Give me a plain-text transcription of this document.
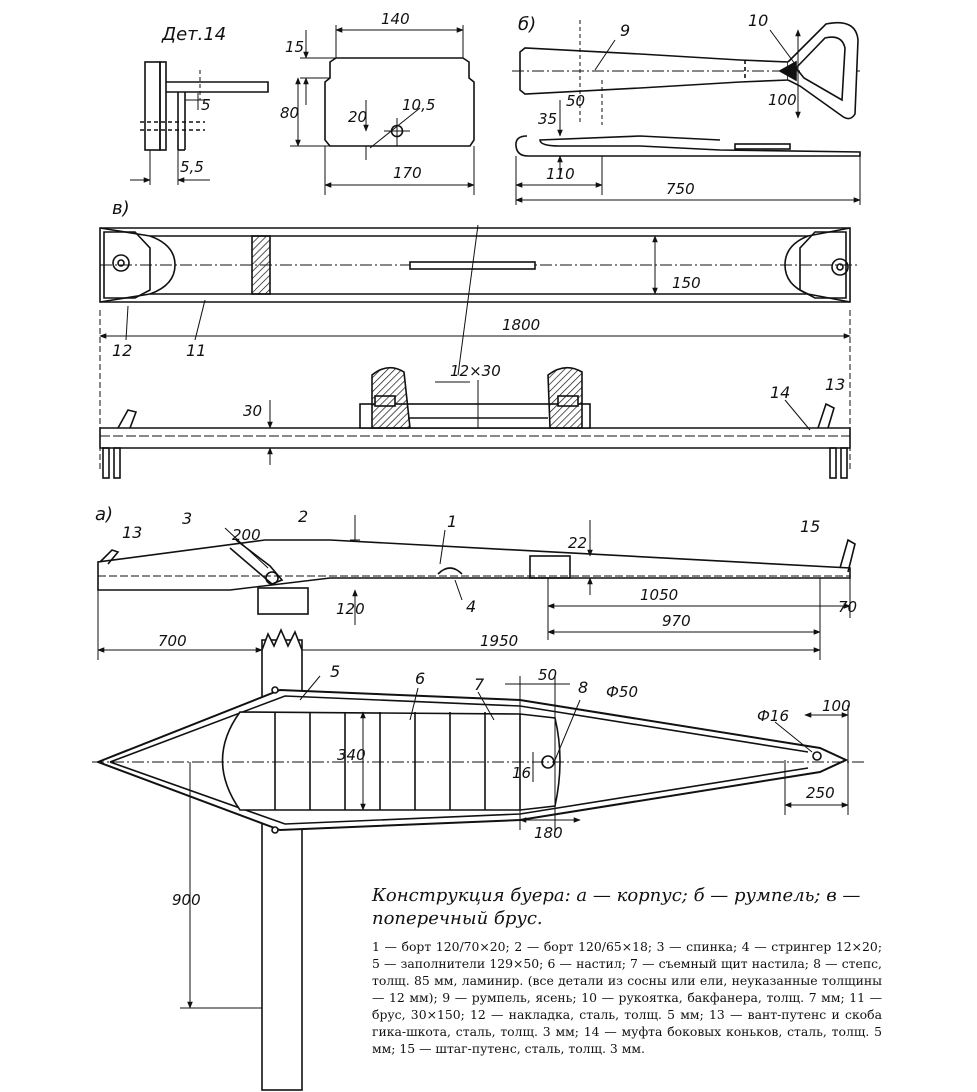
Дет.14	б)
в)
а)
140
15
80
5
5,5
20
10,5
170
35
50	100
110
750
150
1800
12×30
30
200	22
120
1050
970
70
700	1950
50
Ф50
Ф16
100
340
16
180
250
900
1
2
3
4
5	6	7	8
9
10
11
12
13
13
14
15
Конструкция буера: а — корпус; б — румпель; в — поперечный брус.
1 — борт 120/70×20; 2 — борт 120/65×18; 3 — спинка; 4 — стрингер 12×20; 5 — заполнители 129×50; 6 — настил; 7 — съемный щит настила; 8 — степс, толщ. 85 мм, ламинир. (все детали из сосны или ели, неуказанные толщины — 12 мм); 9 — румпель, ясень; 10 — рукоятка, бакфанера, толщ. 7 мм; 11 — брус, 30×150; 12 — накладка, сталь, толщ. 5 мм; 13 — вант-путенс и скоба гика-шкота, сталь, толщ. 3 мм; 14 — муфта боковых коньков, сталь, толщ. 5 мм; 15 — штаг-путенс, сталь, толщ. 3 мм.
